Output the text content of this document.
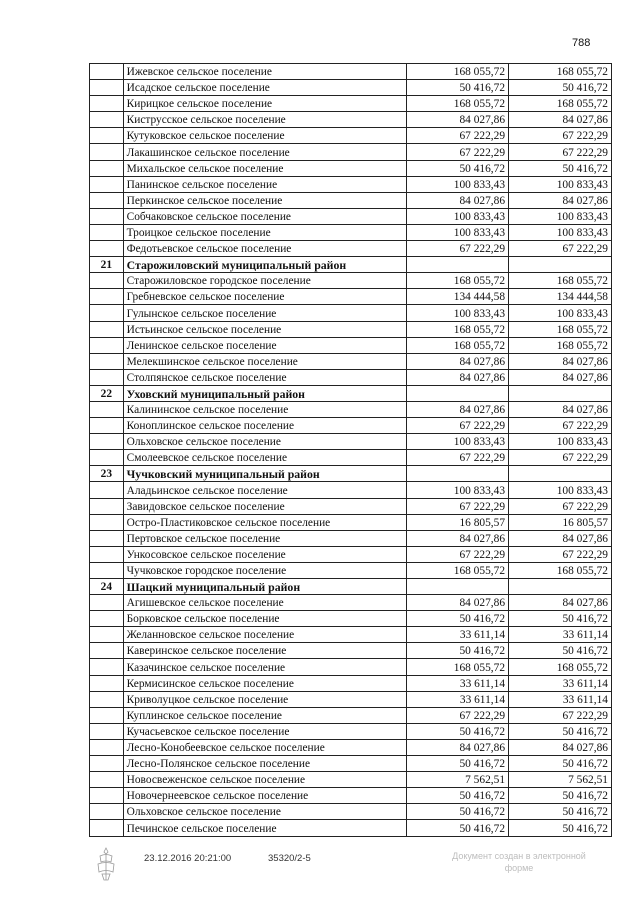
788
	Ижевское сельское поселение	168 055,72	168 055,72
	Исадское сельское поселение	50 416,72	50 416,72
	Кирицкое сельское поселение	168 055,72	168 055,72
	Киструсское сельское поселение	84 027,86	84 027,86
	Кутуковское сельское поселение	67 222,29	67 222,29
	Лакашинское сельское поселение	67 222,29	67 222,29
	Михальское сельское поселение	50 416,72	50 416,72
	Панинское сельское поселение	100 833,43	100 833,43
	Перкинское сельское поселение	84 027,86	84 027,86
	Собчаковское сельское поселение	100 833,43	100 833,43
	Троицкое сельское поселение	100 833,43	100 833,43
	Федотьевское сельское поселение	67 222,29	67 222,29
21	Старожиловский муниципальный район		
	Старожиловское городское поселение	168 055,72	168 055,72
	Гребневское сельское поселение	134 444,58	134 444,58
	Гулынское сельское поселение	100 833,43	100 833,43
	Истьинское сельское поселение	168 055,72	168 055,72
	Ленинское сельское поселение	168 055,72	168 055,72
	Мелекшинское сельское поселение	84 027,86	84 027,86
	Столпянское сельское поселение	84 027,86	84 027,86
22	Уховский муниципальный район		
	Калининское сельское поселение	84 027,86	84 027,86
	Коноплинское сельское поселение	67 222,29	67 222,29
	Ольховское сельское поселение	100 833,43	100 833,43
	Смолеевское сельское поселение	67 222,29	67 222,29
23	Чучковский муниципальный район		
	Аладьинское сельское поселение	100 833,43	100 833,43
	Завидовское сельское поселение	67 222,29	67 222,29
	Остро-Пластиковское сельское поселение	16 805,57	16 805,57
	Пертовское сельское поселение	84 027,86	84 027,86
	Ункосовское сельское поселение	67 222,29	67 222,29
	Чучковское городское поселение	168 055,72	168 055,72
24	Шацкий муниципальный район		
	Агишевское сельское поселение	84 027,86	84 027,86
	Борковское сельское поселение	50 416,72	50 416,72
	Желанновское сельское поселение	33 611,14	33 611,14
	Каверинское сельское поселение	50 416,72	50 416,72
	Казачинское сельское поселение	168 055,72	168 055,72
	Кермисинское сельское поселение	33 611,14	33 611,14
	Криволуцкое сельское поселение	33 611,14	33 611,14
	Куплинское сельское поселение	67 222,29	67 222,29
	Кучасьевское сельское поселение	50 416,72	50 416,72
	Лесно-Конобеевское сельское поселение	84 027,86	84 027,86
	Лесно-Полянское сельское поселение	50 416,72	50 416,72
	Новосвеженское сельское поселение	7 562,51	7 562,51
	Новочернеевское сельское поселение	50 416,72	50 416,72
	Ольховское сельское поселение	50 416,72	50 416,72
	Печинское сельское поселение	50 416,72	50 416,72
23.12.2016 20:21:00	35320/2-5	Документ создан в электронной форме
